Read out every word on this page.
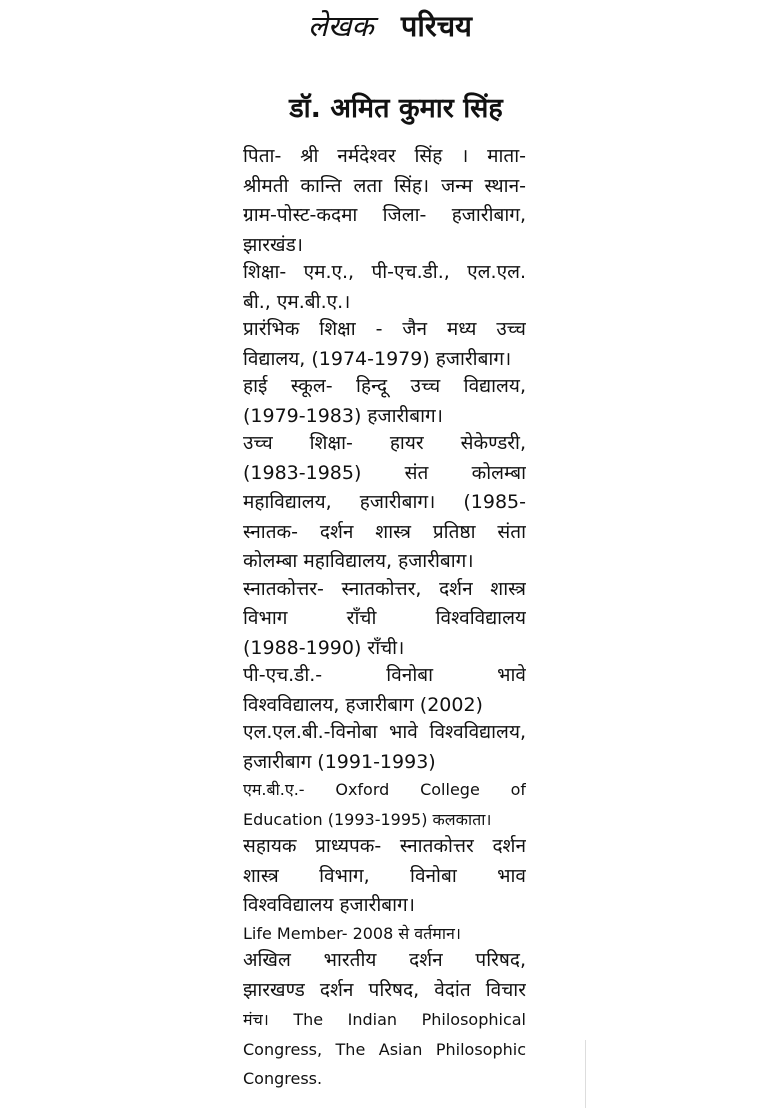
लेखक परिचय
डॉ. अमित कुमार सिंह
पिता- श्री नर्मदेश्वर सिंह । माता-
श्रीमती कान्ति लता सिंह। जन्म स्थान-
ग्राम-पोस्ट-कदमा जिला- हजारीबाग,
झारखंड।
शिक्षा- एम.ए., पी-एच.डी., एल.एल.
बी., एम.बी.ए.।
प्रारंभिक शिक्षा - जैन मध्य उच्च
विद्यालय, (1974-1979) हजारीबाग।
हाई स्कूल- हिन्दू उच्च विद्यालय,
(1979-1983) हजारीबाग।
उच्च शिक्षा- हायर सेकेण्डरी,
(1983-1985) संत कोलम्बा
महाविद्यालय, हजारीबाग। (1985-
स्नातक- दर्शन शास्त्र प्रतिष्ठा संता
कोलम्बा महाविद्यालय, हजारीबाग।
स्नातकोत्तर- स्नातकोत्तर, दर्शन शास्त्र
विभाग राँची विश्वविद्यालय
(1988-1990) राँची।
पी-एच.डी.- विनोबा भावे
विश्वविद्यालय, हजारीबाग (2002)
एल.एल.बी.-विनोबा भावे विश्वविद्यालय,
हजारीबाग (1991-1993)
एम.बी.ए.- Oxford College of
Education (1993-1995) कलकाता।
सहायक प्राध्यपक- स्नातकोत्तर दर्शन
शास्त्र विभाग, विनोबा भाव
विश्वविद्यालय हजारीबाग।
Life Member- 2008 से वर्तमान।
अखिल भारतीय दर्शन परिषद,
झारखण्ड दर्शन परिषद, वेदांत विचार
मंच। The Indian Philosophical
Congress, The Asian Philosophic
Congress.
